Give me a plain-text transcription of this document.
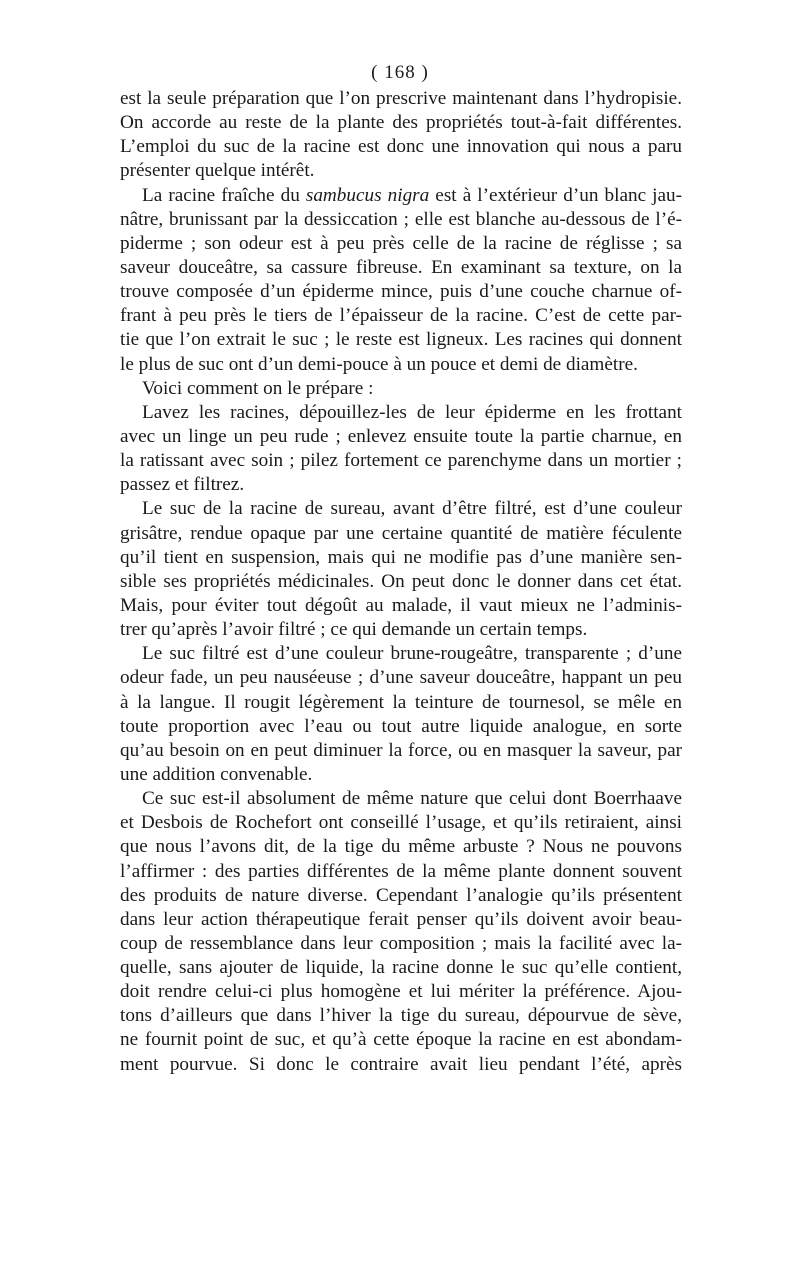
( 168 )
est la seule préparation que l’on prescrive maintenant dans l’hydropisie.
On accorde au reste de la plante des propriétés tout-à-fait différentes.
L’emploi du suc de la racine est donc une innovation qui nous a paru
présenter quelque intérêt.
La racine fraîche du sambucus nigra est à l’extérieur d’un blanc jau-
nâtre, brunissant par la dessiccation ; elle est blanche au-dessous de l’é-
piderme ; son odeur est à peu près celle de la racine de réglisse ; sa
saveur douceâtre, sa cassure fibreuse. En examinant sa texture, on la
trouve composée d’un épiderme mince, puis d’une couche charnue of-
frant à peu près le tiers de l’épaisseur de la racine. C’est de cette par-
tie que l’on extrait le suc ; le reste est ligneux. Les racines qui donnent
le plus de suc ont d’un demi-pouce à un pouce et demi de diamètre.
Voici comment on le prépare :
Lavez les racines, dépouillez-les de leur épiderme en les frottant
avec un linge un peu rude ; enlevez ensuite toute la partie charnue, en
la ratissant avec soin ; pilez fortement ce parenchyme dans un mortier ;
passez et filtrez.
Le suc de la racine de sureau, avant d’être filtré, est d’une couleur
grisâtre, rendue opaque par une certaine quantité de matière féculente
qu’il tient en suspension, mais qui ne modifie pas d’une manière sen-
sible ses propriétés médicinales. On peut donc le donner dans cet état.
Mais, pour éviter tout dégoût au malade, il vaut mieux ne l’adminis-
trer qu’après l’avoir filtré ; ce qui demande un certain temps.
Le suc filtré est d’une couleur brune-rougeâtre, transparente ; d’une
odeur fade, un peu nauséeuse ; d’une saveur douceâtre, happant un peu
à la langue. Il rougit légèrement la teinture de tournesol, se mêle en
toute proportion avec l’eau ou tout autre liquide analogue, en sorte
qu’au besoin on en peut diminuer la force, ou en masquer la saveur, par
une addition convenable.
Ce suc est-il absolument de même nature que celui dont Boerrhaave
et Desbois de Rochefort ont conseillé l’usage, et qu’ils retiraient, ainsi
que nous l’avons dit, de la tige du même arbuste ? Nous ne pouvons
l’affirmer : des parties différentes de la même plante donnent souvent
des produits de nature diverse. Cependant l’analogie qu’ils présentent
dans leur action thérapeutique ferait penser qu’ils doivent avoir beau-
coup de ressemblance dans leur composition ; mais la facilité avec la-
quelle, sans ajouter de liquide, la racine donne le suc qu’elle contient,
doit rendre celui-ci plus homogène et lui mériter la préférence. Ajou-
tons d’ailleurs que dans l’hiver la tige du sureau, dépourvue de sève,
ne fournit point de suc, et qu’à cette époque la racine en est abondam-
ment pourvue. Si donc le contraire avait lieu pendant l’été, après
